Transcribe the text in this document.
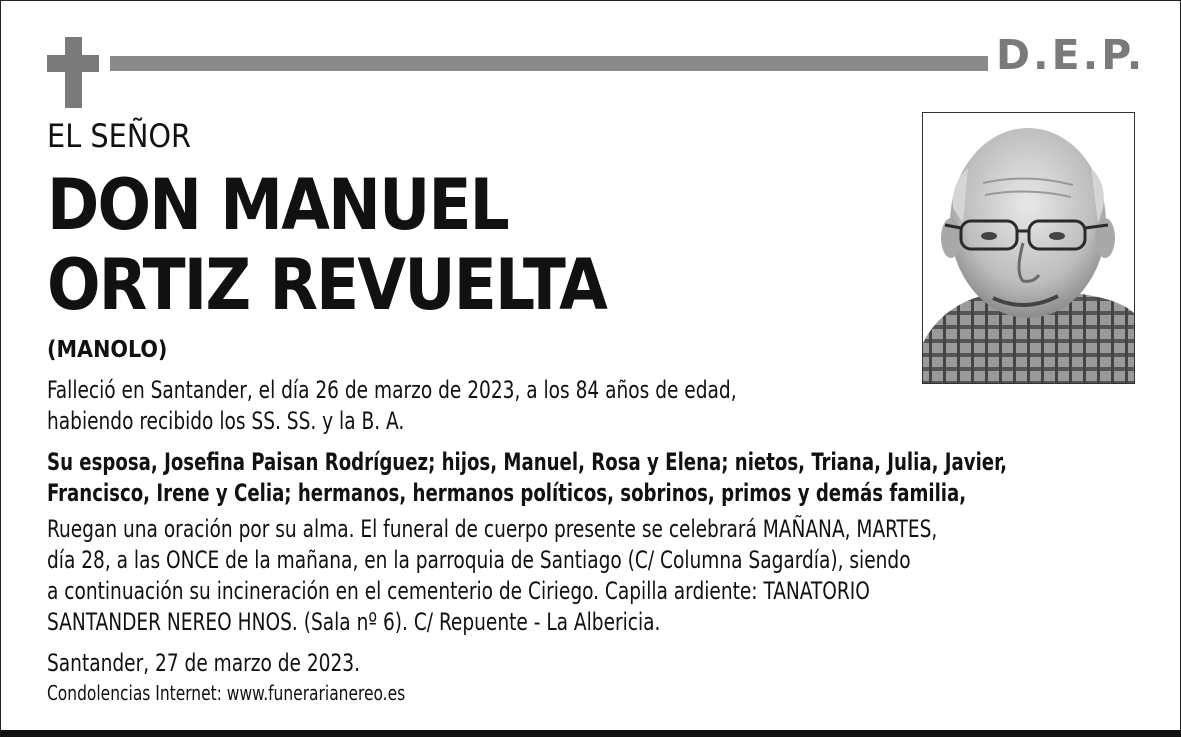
D.E.P.
EL SEÑOR
DON MANUEL
ORTIZ REVUELTA
(MANOLO)
Falleció en Santander, el día 26 de marzo de 2023, a los 84 años de edad,
habiendo recibido los SS. SS. y la B. A.
Su esposa, Josefina Paisan Rodríguez; hijos, Manuel, Rosa y Elena; nietos, Triana, Julia, Javier,
Francisco, Irene y Celia; hermanos, hermanos políticos, sobrinos, primos y demás familia,
Ruegan una oración por su alma. El funeral de cuerpo presente se celebrará MAÑANA, MARTES,
día 28, a las ONCE de la mañana, en la parroquia de Santiago (C/ Columna Sagardía), siendo
a continuación su incineración en el cementerio de Ciriego. Capilla ardiente: TANATORIO
SANTANDER NEREO HNOS. (Sala nº 6). C/ Repuente - La Albericia.
Santander, 27 de marzo de 2023.
Condolencias Internet: www.funerarianereo.es
